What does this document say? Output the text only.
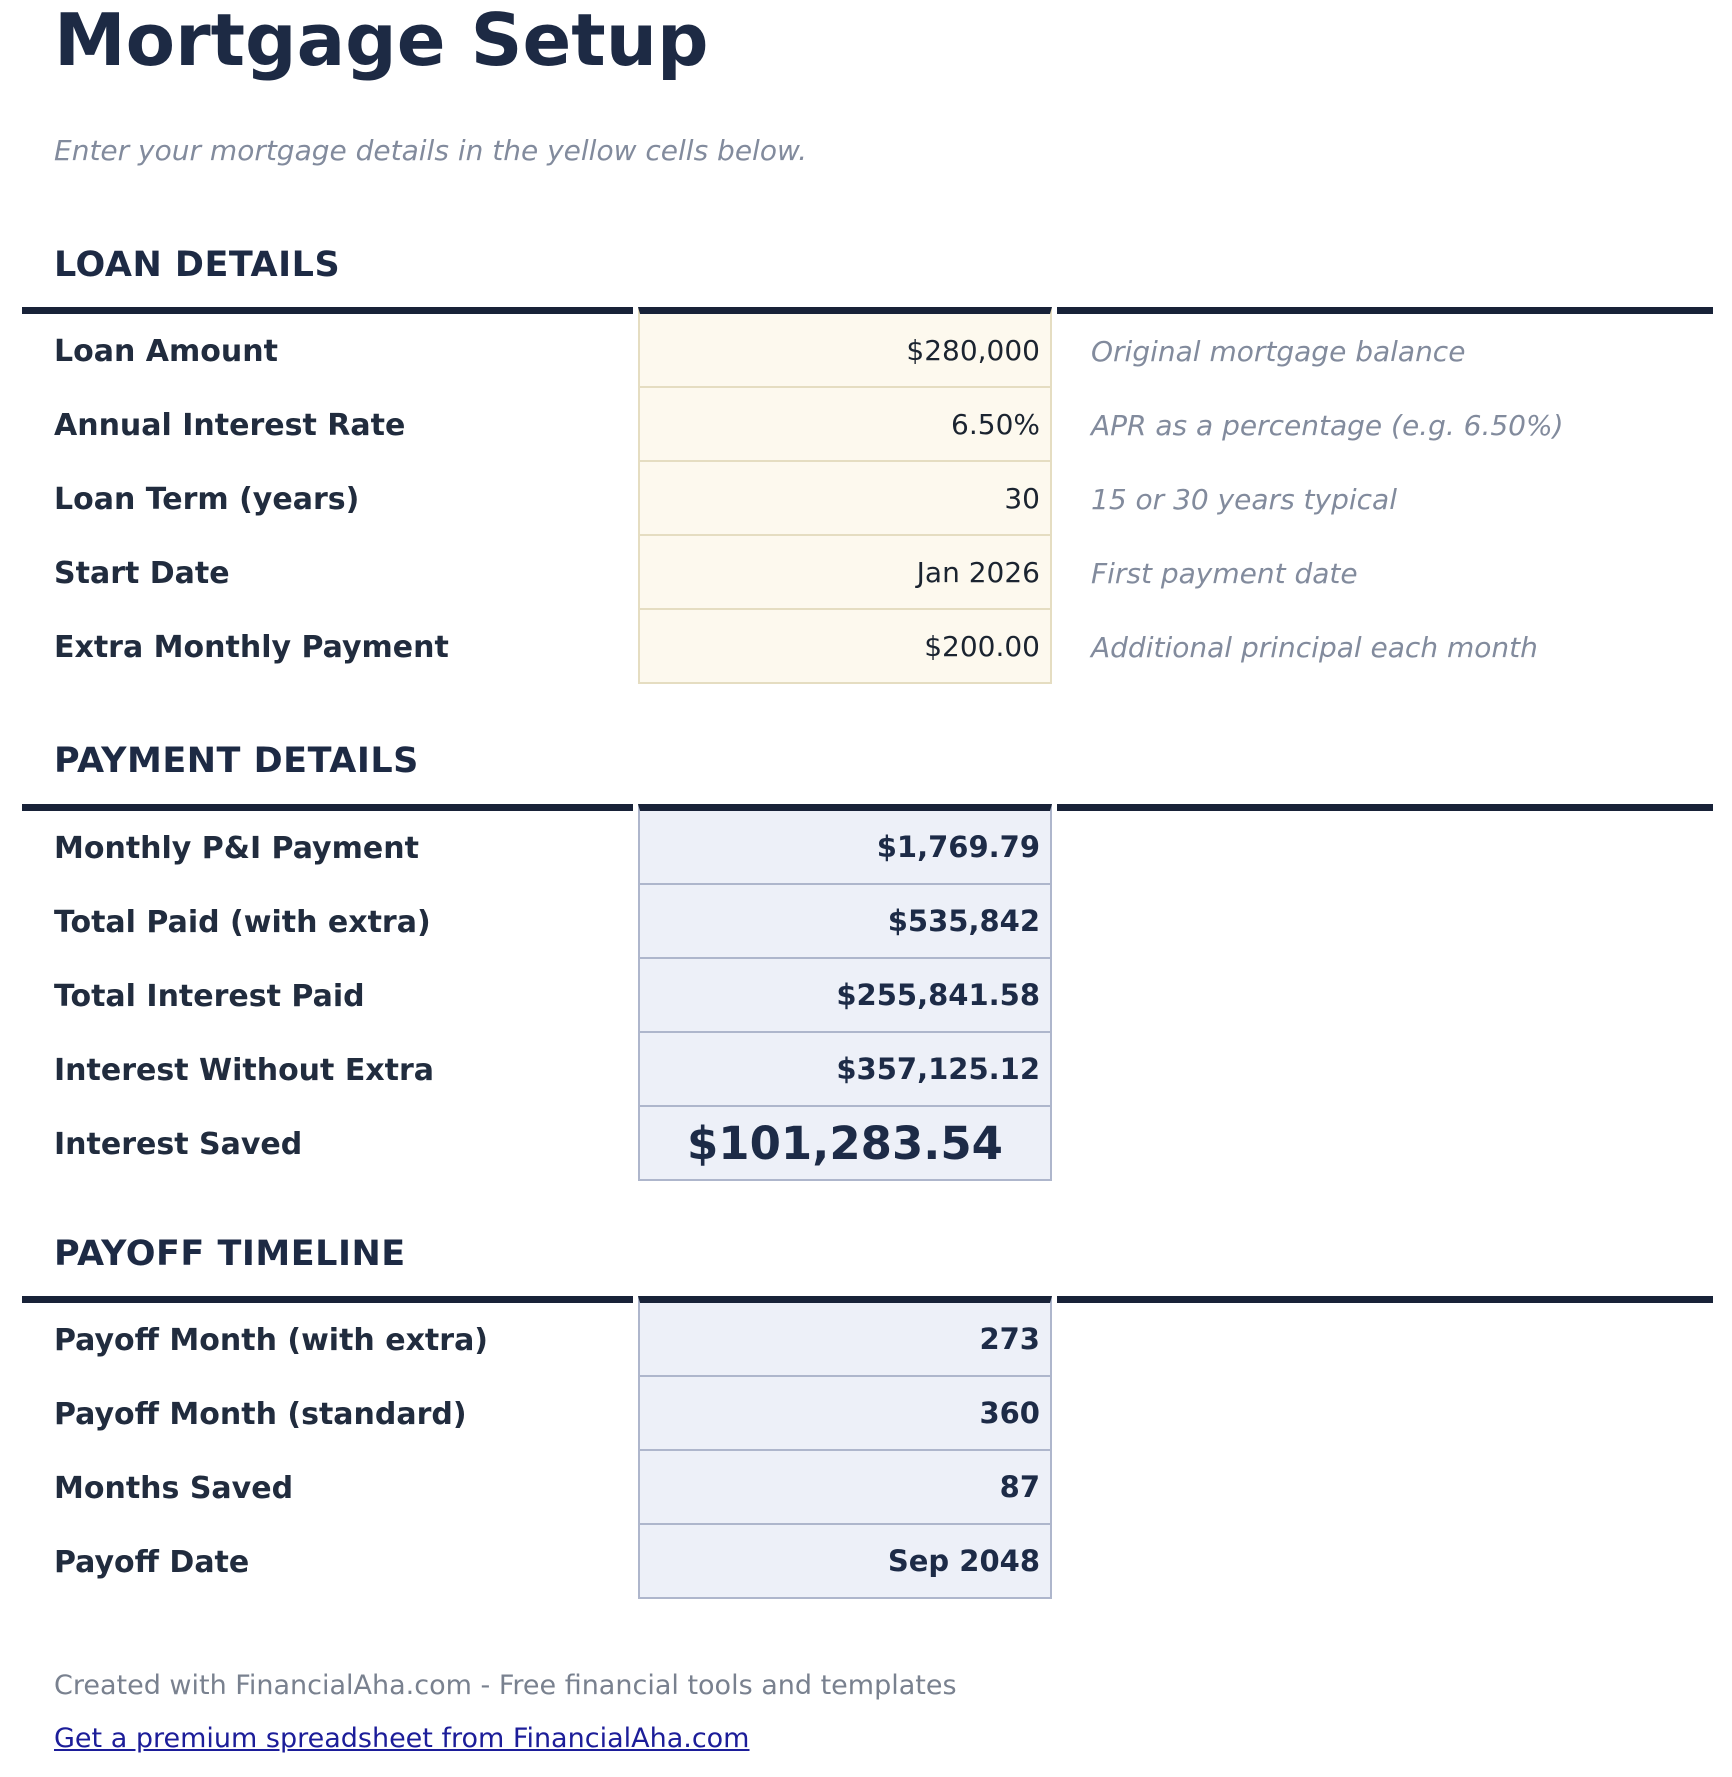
Mortgage Setup
Enter your mortgage details in the yellow cells below.
LOAN DETAILS
Loan Amount	$280,000	Original mortgage balance
Annual Interest Rate	6.50%	APR as a percentage (e.g. 6.50%)
Loan Term (years)	30	15 or 30 years typical
Start Date	Jan 2026	First payment date
Extra Monthly Payment	$200.00	Additional principal each month
PAYMENT DETAILS
Monthly P&I Payment	$1,769.79
Total Paid (with extra)	$535,842
Total Interest Paid	$255,841.58
Interest Without Extra	$357,125.12
Interest Saved	$101,283.54
PAYOFF TIMELINE
Payoff Month (with extra)	273
Payoff Month (standard)	360
Months Saved	87
Payoff Date	Sep 2048
Created with FinancialAha.com - Free financial tools and templates
Get a premium spreadsheet from FinancialAha.com
